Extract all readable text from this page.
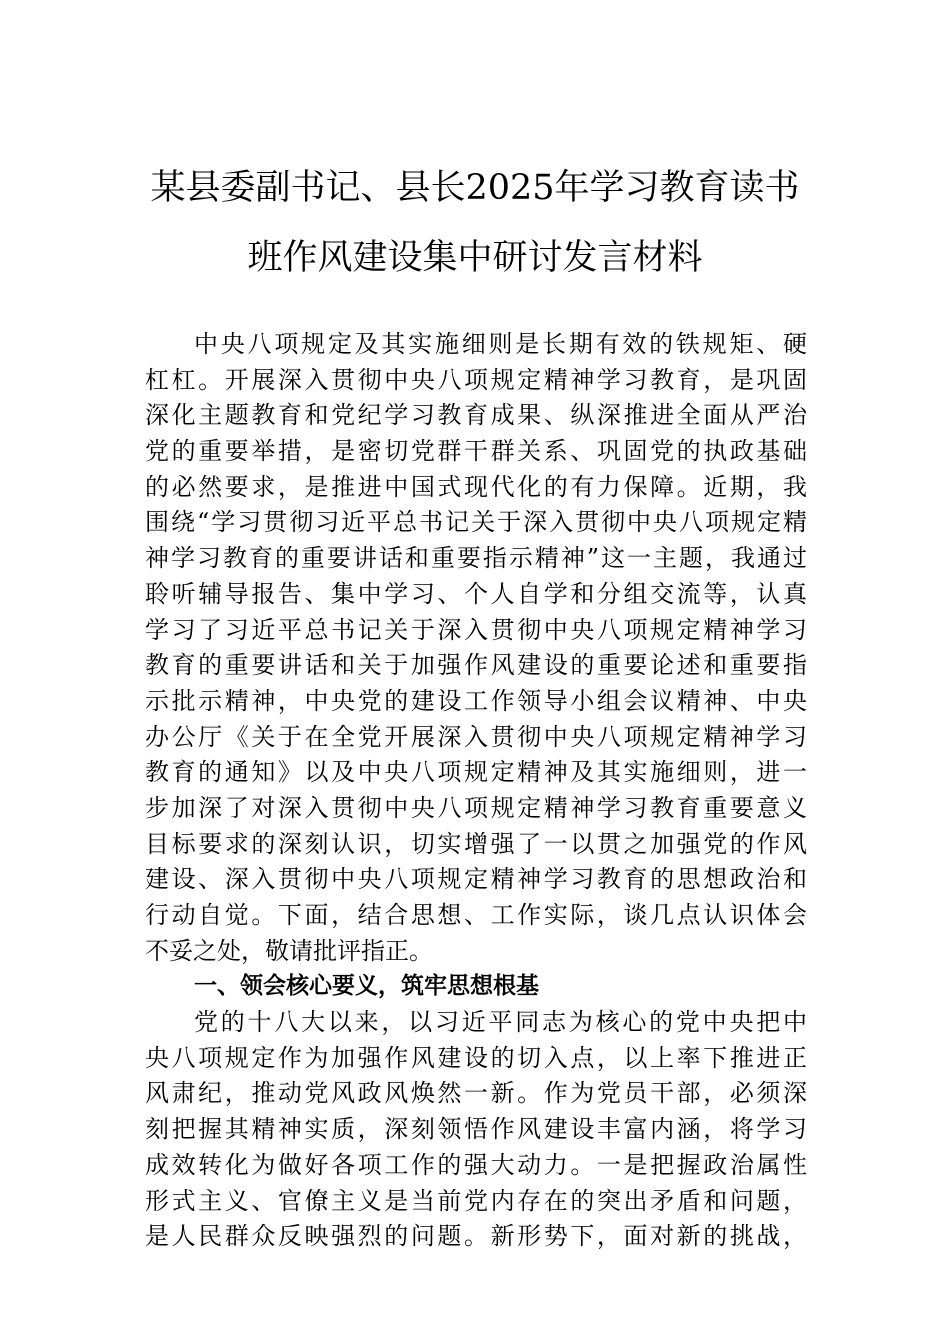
某县委副书记、县长2025年学习教育读书
班作风建设集中研讨发言材料
中央八项规定及其实施细则是长期有效的铁规矩、硬
杠杠。开展深入贯彻中央八项规定精神学习教育，是巩固
深化主题教育和党纪学习教育成果、纵深推进全面从严治
党的重要举措，是密切党群干群关系、巩固党的执政基础
的必然要求，是推进中国式现代化的有力保障。近期，我
围绕“学习贯彻习近平总书记关于深入贯彻中央八项规定精
神学习教育的重要讲话和重要指示精神”这一主题，我通过
聆听辅导报告、集中学习、个人自学和分组交流等，认真
学习了习近平总书记关于深入贯彻中央八项规定精神学习
教育的重要讲话和关于加强作风建设的重要论述和重要指
示批示精神，中央党的建设工作领导小组会议精神、中央
办公厅《关于在全党开展深入贯彻中央八项规定精神学习
教育的通知》以及中央八项规定精神及其实施细则，进一
步加深了对深入贯彻中央八项规定精神学习教育重要意义
目标要求的深刻认识，切实增强了一以贯之加强党的作风
建设、深入贯彻中央八项规定精神学习教育的思想政治和
行动自觉。下面，结合思想、工作实际，谈几点认识体会
不妥之处，敬请批评指正。
一、领会核心要义，筑牢思想根基
党的十八大以来，以习近平同志为核心的党中央把中
央八项规定作为加强作风建设的切入点，以上率下推进正
风肃纪，推动党风政风焕然一新。作为党员干部，必须深
刻把握其精神实质，深刻领悟作风建设丰富内涵，将学习
成效转化为做好各项工作的强大动力。一是把握政治属性
形式主义、官僚主义是当前党内存在的突出矛盾和问题，
是人民群众反映强烈的问题。新形势下，面对新的挑战，
